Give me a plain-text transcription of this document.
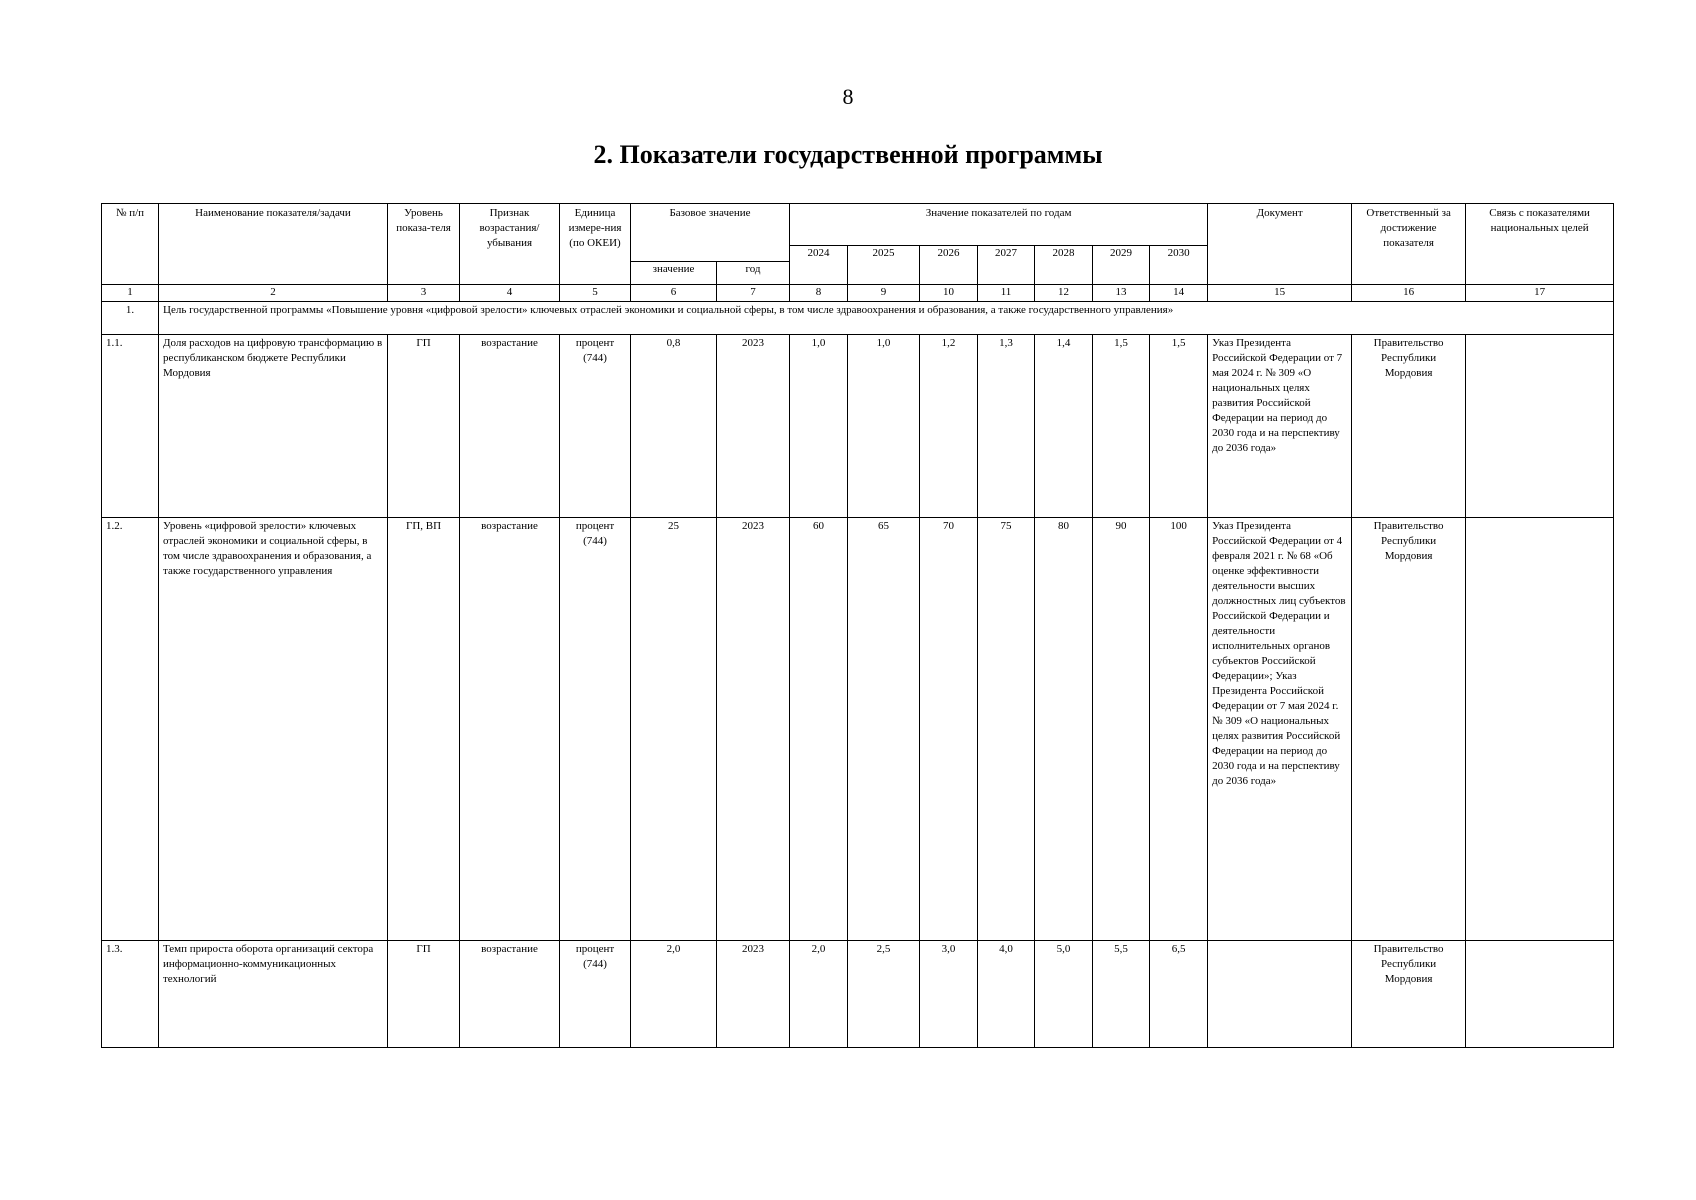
8
2. Показатели государственной программы
№ п/п	Наименование показателя/задачи	Уровень показа-теля	Признак возрастания/ убывания	Единица измере-ния (по ОКЕИ)	Базовое значение		Значение показателей по годам							Документ	Ответственный за достижение показателя	Связь с показателями национальных целей
							2024	2025	2026	2027	2028	2029	2030			
					значение	год										
1	2	3	4	5	6	7	8	9	10	11	12	13	14	15	16	17
1.	Цель государственной программы «Повышение уровня «цифровой зрелости» ключевых отраслей экономики и социальной сферы, в том числе здравоохранения и образования, а также государственного управления»															
1.1.	Доля расходов на цифровую трансформацию в республиканском бюджете Республики Мордовия	ГП	возрастание	процент (744)	0,8	2023	1,0	1,0	1,2	1,3	1,4	1,5	1,5	Указ Президента Российской Федерации от 7 мая 2024 г. № 309 «О национальных целях развития Российской Федерации на период до 2030 года и на перспективу до 2036 года»	Правительство Республики Мордовия	
1.2.	Уровень «цифровой зрелости» ключевых отраслей экономики и социальной сферы, в том числе здравоохранения и образования, а также государственного управления	ГП, ВП	возрастание	процент (744)	25	2023	60	65	70	75	80	90	100	Указ Президента Российской Федерации от 4 февраля 2021 г. № 68 «Об оценке эффективности деятельности высших должностных лиц субъектов Российской Федерации и деятельности исполнительных органов субъектов Российской Федерации»; Указ Президента Российской Федерации от 7 мая 2024 г. № 309 «О национальных целях развития Российской Федерации на период до 2030 года и на перспективу до 2036 года»	Правительство Республики Мордовия	
1.3.	Темп прироста оборота организаций сектора информационно-коммуникационных технологий	ГП	возрастание	процент (744)	2,0	2023	2,0	2,5	3,0	4,0	5,0	5,5	6,5		Правительство Республики Мордовия	
